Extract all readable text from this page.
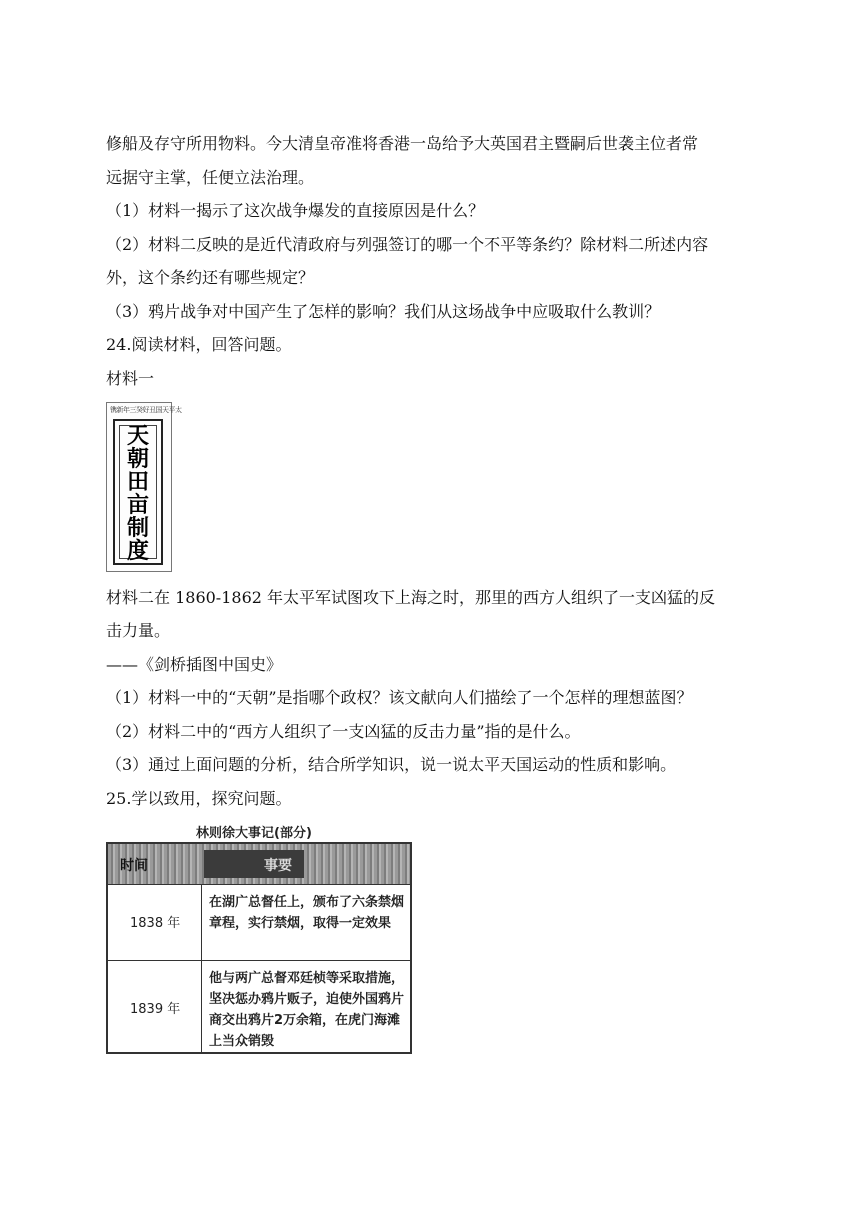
修船及存守所用物料。今大清皇帝准将香港一岛给予大英国君主暨嗣后世袭主位者常
远据守主掌，任便立法治理。
（1）材料一揭示了这次战争爆发的直接原因是什么？
（2）材料二反映的是近代清政府与列强签订的哪一个不平等条约？除材料二所述内容
外，这个条约还有哪些规定？
（3）鸦片战争对中国产生了怎样的影响？我们从这场战争中应吸取什么教训？
24.阅读材料，回答问题。
材料一
镌新年三癸好丑国天平太
天朝田亩制度
材料二在 1860-1862 年太平军试图攻下上海之时，那里的西方人组织了一支凶猛的反
击力量。
——《剑桥插图中国史》
（1）材料一中的“天朝”是指哪个政权？该文献向人们描绘了一个怎样的理想蓝图？
（2）材料二中的“西方人组织了一支凶猛的反击力量”指的是什么。
（3）通过上面问题的分析，结合所学知识，说一说太平天国运动的性质和影响。
25.学以致用，探究问题。
林则徐大事记(部分)
时间	事要
1838 年
在湖广总督任上，颁布了六条禁烟章程，实行禁烟，取得一定效果
1839 年
他与两广总督邓廷桢等采取措施，坚决惩办鸦片贩子，迫使外国鸦片商交出鸦片2万余箱，在虎门海滩上当众销毁
